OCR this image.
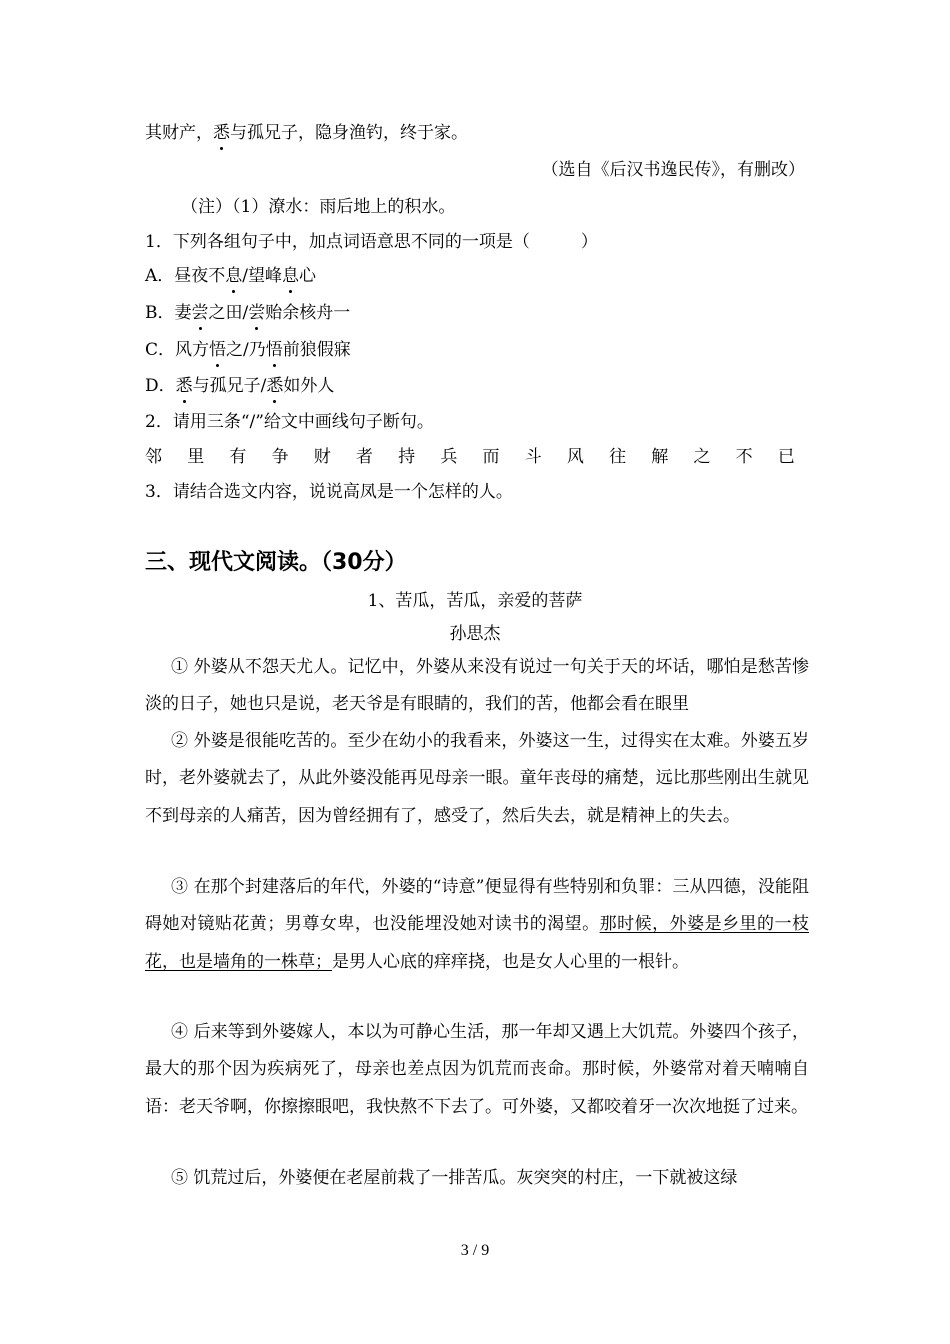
其财产，悉与孤兄子，隐身渔钓，终于家。
（选自《后汉书逸民传》，有删改）
（注）（1）潦水：雨后地上的积水。
1．下列各组句子中，加点词语意思不同的一项是（　　　）
A．昼夜不息/望峰息心
B．妻尝之田/尝贻余核舟一
C．风方悟之/乃悟前狼假寐
D．悉与孤兄子/悉如外人
2．请用三条“/”给文中画线句子断句。
邻	里	有	争	财	者	持	兵	而	斗	风	往	解	之	不	已
3．请结合选文内容，说说高凤是一个怎样的人。
三、现代文阅读。（30分）
1、苦瓜，苦瓜，亲爱的菩萨
孙思杰
① 外婆从不怨天尤人。记忆中，外婆从来没有说过一句关于天的坏话，哪怕是愁苦惨淡的日子，她也只是说，老天爷是有眼睛的，我们的苦，他都会看在眼里
② 外婆是很能吃苦的。至少在幼小的我看来，外婆这一生，过得实在太难。外婆五岁时，老外婆就去了，从此外婆没能再见母亲一眼。童年丧母的痛楚，远比那些刚出生就见不到母亲的人痛苦，因为曾经拥有了，感受了，然后失去，就是精神上的失去。
③ 在那个封建落后的年代，外婆的“诗意”便显得有些特别和负罪：三从四德，没能阻碍她对镜贴花黄；男尊女卑，也没能埋没她对读书的渴望。那时候，外婆是乡里的一枝花，也是墙角的一株草；是男人心底的痒痒挠，也是女人心里的一根针。
④ 后来等到外婆嫁人，本以为可静心生活，那一年却又遇上大饥荒。外婆四个孩子，最大的那个因为疾病死了，母亲也差点因为饥荒而丧命。那时候，外婆常对着天喃喃自语：老天爷啊，你擦擦眼吧，我快熬不下去了。可外婆，又都咬着牙一次次地挺了过来。
⑤ 饥荒过后，外婆便在老屋前栽了一排苦瓜。灰突突的村庄，一下就被这绿
3 / 9
